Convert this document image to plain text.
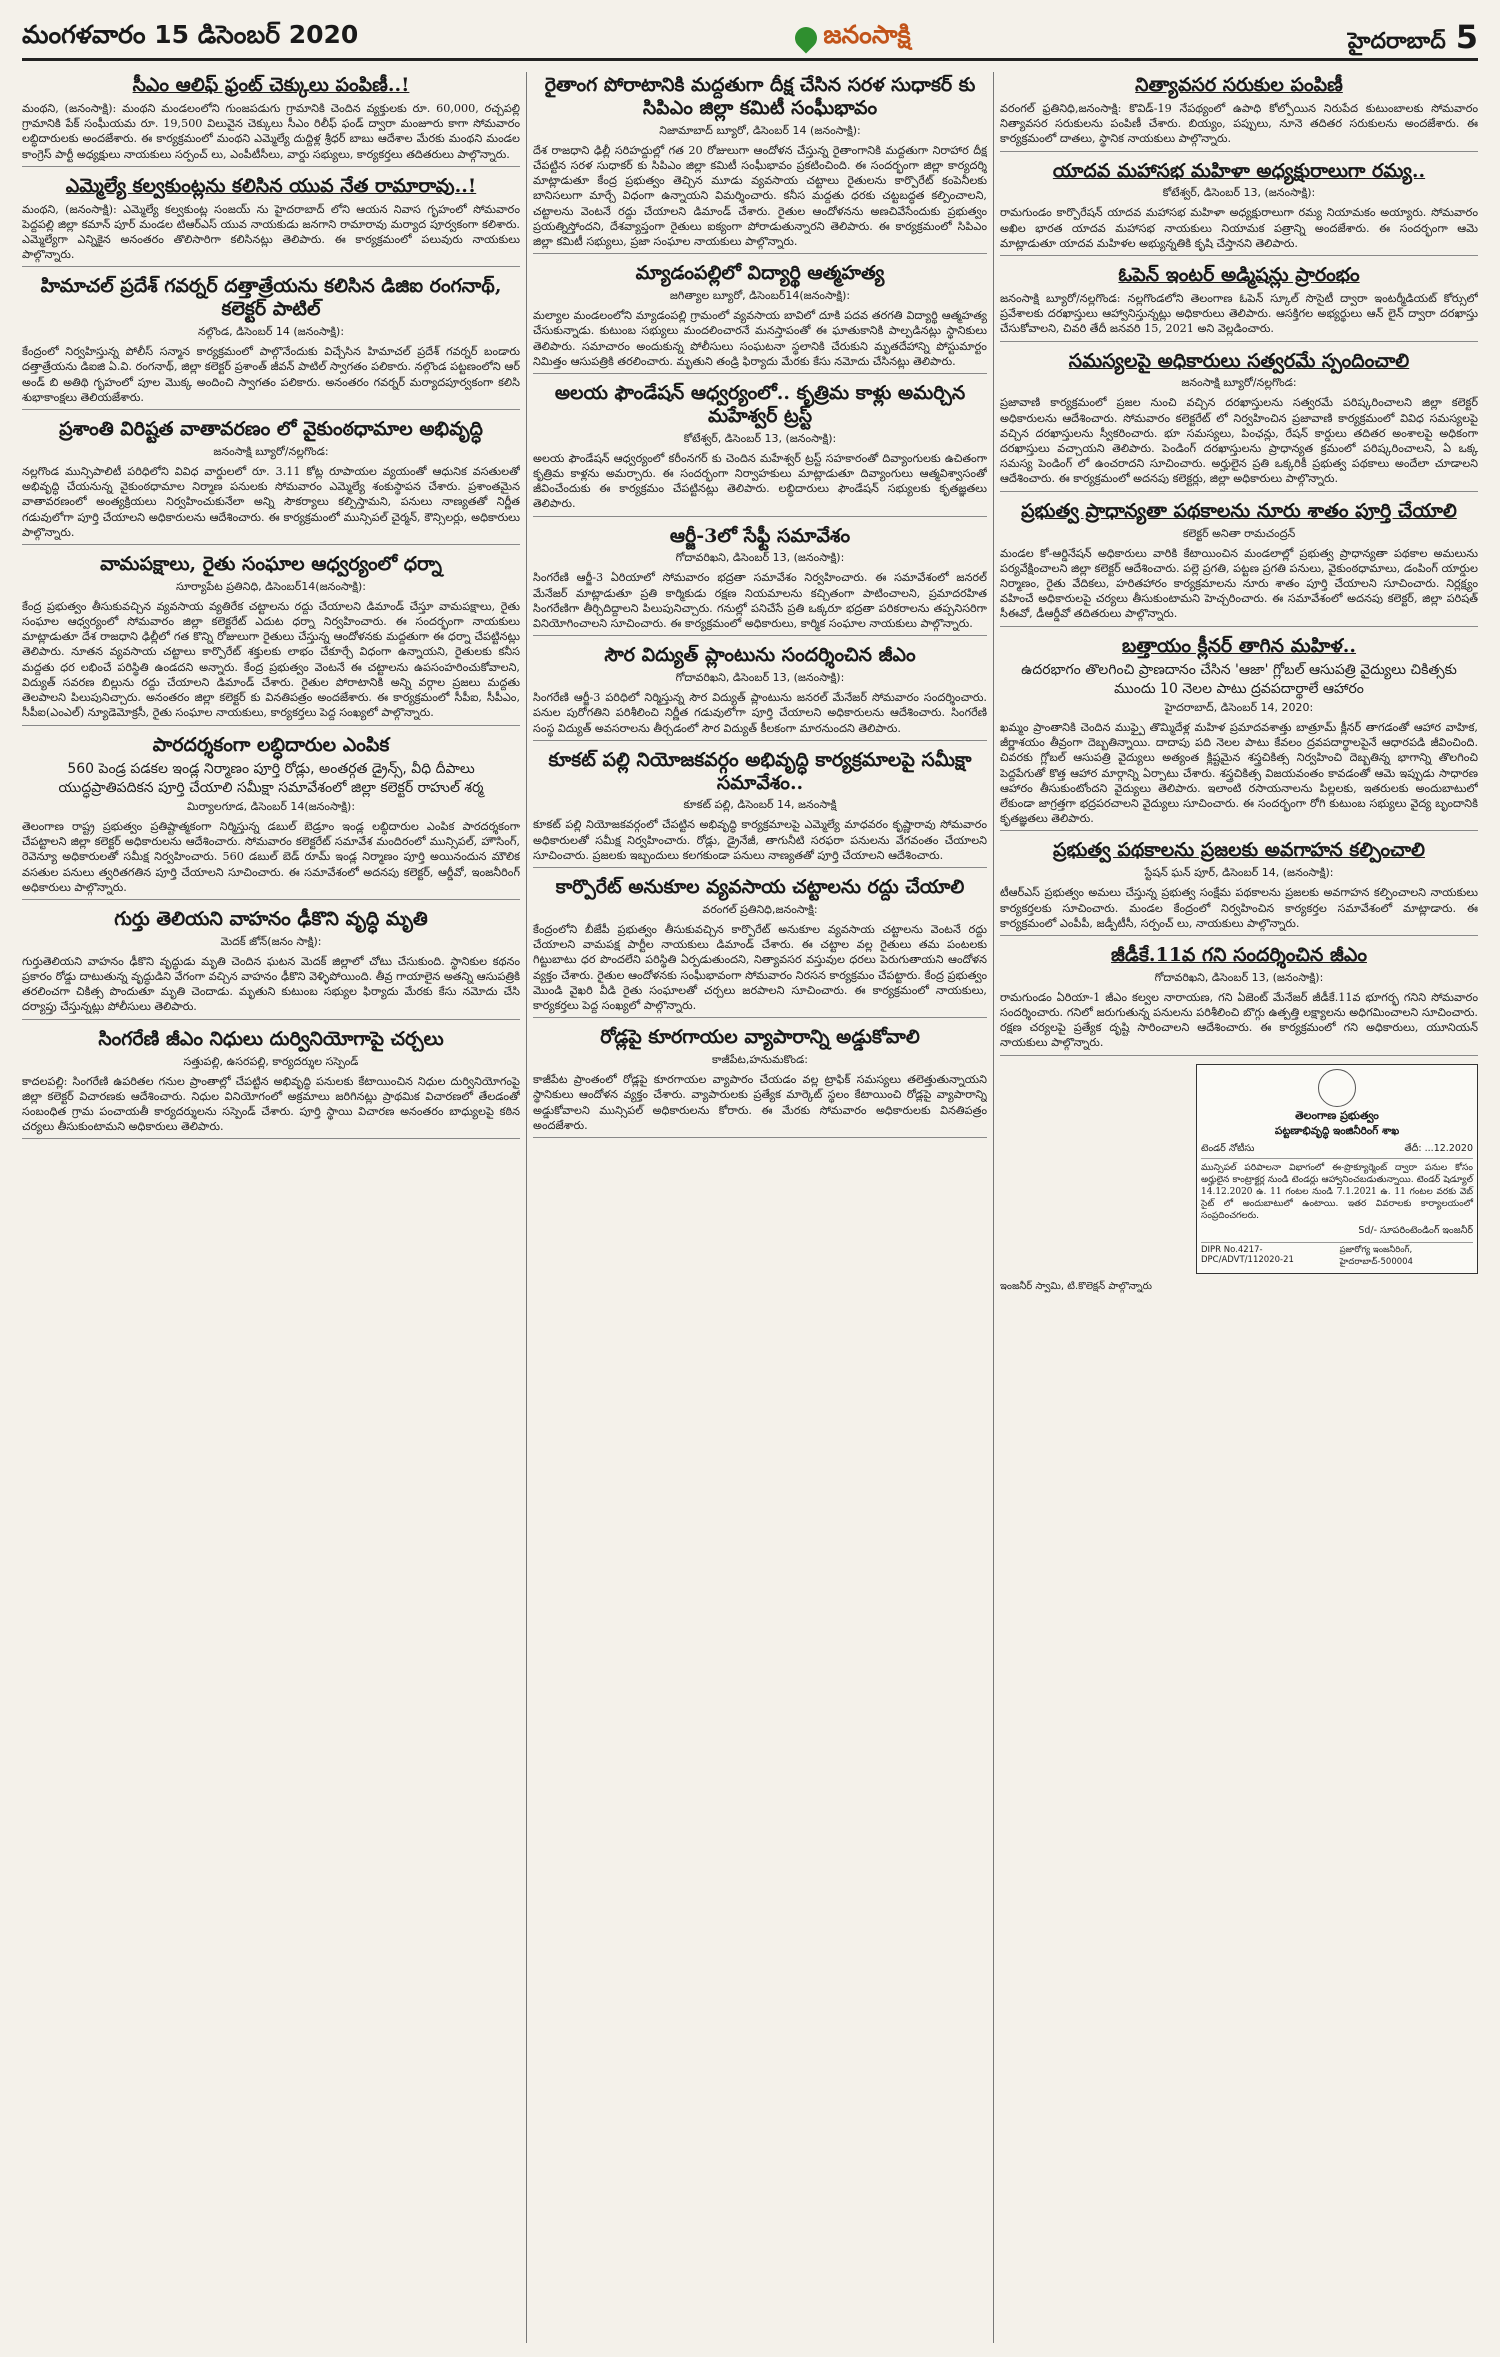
మంగళవారం 15 డిసెంబర్ 2020	జనంసాక్షి	హైదరాబాద్ 5
సీఎం ఆలిఫ్ ఫ్రంట్ చెక్కులు పంపిణీ..!

మంథని, (జనంసాక్షి): మంథని మండలంలోని గుంజపడుగు గ్రామానికి చెందిన వ్యక్తులకు రూ. 60,000, రచ్చపల్లి గ్రామానికి పేక్ సంఘీయమ రూ. 19,500 విలువైన చెక్కులు సీఎం రిలీఫ్ ఫండ్ ద్వారా మంజూరు కాగా సోమవారం లబ్ధిదారులకు అందజేశారు. ఈ కార్యక్రమంలో మంథని ఎమ్మెల్యే దుద్దిళ్ల శ్రీధర్ బాబు ఆదేశాల మేరకు మంథని మండల కాంగ్రెస్ పార్టీ అధ్యక్షులు నాయకులు సర్పంచ్ లు, ఎంపీటీసీలు, వార్డు సభ్యులు, కార్యకర్తలు తదితరులు పాల్గొన్నారు.

ఎమ్మెల్యే కల్వకుంట్లను కలిసిన యువ నేత రామారావు..!

మంథని, (జనంసాక్షి): ఎమ్మెల్యే కల్వకుంట్ల సంజయ్ ను హైదరాబాద్ లోని ఆయన నివాస గృహంలో సోమవారం పెద్దపల్లి జిల్లా కమాన్ పూర్ మండల టిఆర్ఎస్ యువ నాయకుడు జనగాని రామారావు మర్యాద పూర్వకంగా కలిశారు. ఎమ్మెల్యేగా ఎన్నికైన అనంతరం తొలిసారిగా కలిసినట్లు తెలిపారు. ఈ కార్యక్రమంలో పలువురు నాయకులు పాల్గొన్నారు.

హిమాచల్ ప్రదేశ్ గవర్నర్ దత్తాత్రేయను కలిసిన డిజిఐ రంగనాథ్, కలెక్టర్ పాటిల్
నల్గొండ, డిసెంబర్ 14 (జనంసాక్షి):

కేంద్రంలో నిర్వహిస్తున్న పోలీస్ సన్మాన కార్యక్రమంలో పాల్గొనేందుకు విచ్చేసిన హిమాచల్ ప్రదేశ్ గవర్నర్ బండారు దత్తాత్రేయను డిఐజి ఏ.వి. రంగనాథ్, జిల్లా కలెక్టర్ ప్రశాంత్ జీవన్ పాటిల్ స్వాగతం పలికారు. నల్గొండ పట్టణంలోని ఆర్ అండ్ బి అతిథి గృహంలో పూల మొక్క అందించి స్వాగతం పలికారు. అనంతరం గవర్నర్ మర్యాదపూర్వకంగా కలిసి శుభాకాంక్షలు తెలియజేశారు.

ప్రశాంతి విరిష్టత వాతావరణం లో వైకుంఠధామాల అభివృద్ధి
జనంసాక్షి బ్యూరో/నల్లగొండ:

నల్లగొండ మున్సిపాలిటీ పరిధిలోని వివిధ వార్డులలో రూ. 3.11 కోట్ల రూపాయల వ్యయంతో ఆధునిక వసతులతో అభివృద్ధి చేయనున్న వైకుంఠధామాల నిర్మాణ పనులకు సోమవారం ఎమ్మెల్యే శంకుస్థాపన చేశారు. ప్రశాంతమైన వాతావరణంలో అంత్యక్రియలు నిర్వహించుకునేలా అన్ని సౌకర్యాలు కల్పిస్తామని, పనులు నాణ్యతతో నిర్ణీత గడువులోగా పూర్తి చేయాలని అధికారులను ఆదేశించారు. ఈ కార్యక్రమంలో మున్సిపల్ చైర్మన్, కౌన్సిలర్లు, అధికారులు పాల్గొన్నారు.

వామపక్షాలు, రైతు సంఘాల ఆధ్వర్యంలో ధర్నా
సూర్యాపేట ప్రతినిధి, డిసెంబర్14(జనంసాక్షి):

కేంద్ర ప్రభుత్వం తీసుకువచ్చిన వ్యవసాయ వ్యతిరేక చట్టాలను రద్దు చేయాలని డిమాండ్ చేస్తూ వామపక్షాలు, రైతు సంఘాల ఆధ్వర్యంలో సోమవారం జిల్లా కలెక్టరేట్ ఎదుట ధర్నా నిర్వహించారు. ఈ సందర్భంగా నాయకులు మాట్లాడుతూ దేశ రాజధాని ఢిల్లీలో గత కొన్ని రోజులుగా రైతులు చేస్తున్న ఆందోళనకు మద్దతుగా ఈ ధర్నా చేపట్టినట్లు తెలిపారు. నూతన వ్యవసాయ చట్టాలు కార్పొరేట్ శక్తులకు లాభం చేకూర్చే విధంగా ఉన్నాయని, రైతులకు కనీస మద్దతు ధర లభించే పరిస్థితి ఉండదని అన్నారు. కేంద్ర ప్రభుత్వం వెంటనే ఈ చట్టాలను ఉపసంహరించుకోవాలని, విద్యుత్ సవరణ బిల్లును రద్దు చేయాలని డిమాండ్ చేశారు. రైతుల పోరాటానికి అన్ని వర్గాల ప్రజలు మద్దతు తెలపాలని పిలుపునిచ్చారు. అనంతరం జిల్లా కలెక్టర్ కు వినతిపత్రం అందజేశారు. ఈ కార్యక్రమంలో సీపీఐ, సీపీఎం, సీపీఐ(ఎంఎల్) న్యూడెమోక్రసీ, రైతు సంఘాల నాయకులు, కార్యకర్తలు పెద్ద సంఖ్యలో పాల్గొన్నారు.

పారదర్శకంగా లబ్ధిదారుల ఎంపిక
560 పెండ్ర పడకల ఇండ్ల నిర్మాణం పూర్తి రోడ్లు, అంతర్గత డ్రైన్స్, వీధి దీపాలు యుద్ధప్రాతిపదికన పూర్తి చేయాలి సమీక్షా సమావేశంలో జిల్లా కలెక్టర్ రాహుల్ శర్మ
మిర్యాలగూడ, డిసెంబర్ 14(జనంసాక్షి):

తెలంగాణ రాష్ట్ర ప్రభుత్వం ప్రతిష్టాత్మకంగా నిర్మిస్తున్న డబుల్ బెడ్రూం ఇండ్ల లబ్ధిదారుల ఎంపిక పారదర్శకంగా చేపట్టాలని జిల్లా కలెక్టర్ అధికారులను ఆదేశించారు. సోమవారం కలెక్టరేట్ సమావేశ మందిరంలో మున్సిపల్, హౌసింగ్, రెవెన్యూ అధికారులతో సమీక్ష నిర్వహించారు. 560 డబుల్ బెడ్ రూమ్ ఇండ్ల నిర్మాణం పూర్తి అయినందున మౌలిక వసతుల పనులు త్వరితగతిన పూర్తి చేయాలని సూచించారు. ఈ సమావేశంలో అదనపు కలెక్టర్, ఆర్డీవో, ఇంజనీరింగ్ అధికారులు పాల్గొన్నారు.

గుర్తు తెలియని వాహనం ఢీకొని వృద్ధి మృతి
మెదక్ జోన్(జనం సాక్షి):

గుర్తుతెలియని వాహనం ఢీకొని వృద్ధుడు మృతి చెందిన ఘటన మెదక్ జిల్లాలో చోటు చేసుకుంది. స్థానికుల కథనం ప్రకారం రోడ్డు దాటుతున్న వృద్ధుడిని వేగంగా వచ్చిన వాహనం ఢీకొని వెళ్ళిపోయింది. తీవ్ర గాయాలైన అతన్ని ఆసుపత్రికి తరలించగా చికిత్స పొందుతూ మృతి చెందాడు. మృతుని కుటుంబ సభ్యుల ఫిర్యాదు మేరకు కేసు నమోదు చేసి దర్యాప్తు చేస్తున్నట్లు పోలీసులు తెలిపారు.

సింగరేణి జీఎం నిధులు దుర్వినియోగాపై చర్చలు
సత్తుపల్లి, ఉసరపల్లి, కార్యదర్శుల సస్పెండ్

కాదలపల్లి: సింగరేణి ఉపరితల గనుల ప్రాంతాల్లో చేపట్టిన అభివృద్ధి పనులకు కేటాయించిన నిధుల దుర్వినియోగంపై జిల్లా కలెక్టర్ విచారణకు ఆదేశించారు. నిధుల వినియోగంలో అక్రమాలు జరిగినట్లు ప్రాథమిక విచారణలో తేలడంతో సంబంధిత గ్రామ పంచాయతీ కార్యదర్శులను సస్పెండ్ చేశారు. పూర్తి స్థాయి విచారణ అనంతరం బాధ్యులపై కఠిన చర్యలు తీసుకుంటామని అధికారులు తెలిపారు.

రైతాంగ పోరాటానికి మద్దతుగా దీక్ష చేసిన సరళ సుధాకర్ కు సిపిఎం జిల్లా కమిటీ సంఘీభావం
నిజామాబాద్ బ్యూరో, డిసెంబర్ 14 (జనంసాక్షి):

దేశ రాజధాని ఢిల్లీ సరిహద్దుల్లో గత 20 రోజులుగా ఆందోళన చేస్తున్న రైతాంగానికి మద్దతుగా నిరాహార దీక్ష చేపట్టిన సరళ సుధాకర్ కు సిపిఎం జిల్లా కమిటీ సంఘీభావం ప్రకటించింది. ఈ సందర్భంగా జిల్లా కార్యదర్శి మాట్లాడుతూ కేంద్ర ప్రభుత్వం తెచ్చిన మూడు వ్యవసాయ చట్టాలు రైతులను కార్పొరేట్ కంపెనీలకు బానిసలుగా మార్చే విధంగా ఉన్నాయని విమర్శించారు. కనీస మద్దతు ధరకు చట్టబద్ధత కల్పించాలని, చట్టాలను వెంటనే రద్దు చేయాలని డిమాండ్ చేశారు. రైతుల ఆందోళనను అణచివేసేందుకు ప్రభుత్వం ప్రయత్నిస్తోందని, దేశవ్యాప్తంగా రైతులు ఐక్యంగా పోరాడుతున్నారని తెలిపారు. ఈ కార్యక్రమంలో సిపిఎం జిల్లా కమిటీ సభ్యులు, ప్రజా సంఘాల నాయకులు పాల్గొన్నారు.

మ్యాడంపల్లిలో విద్యార్థి ఆత్మహత్య
జగిత్యాల బ్యూరో, డిసెంబర్14(జనంసాక్షి):

మల్యాల మండలంలోని మ్యాడంపల్లి గ్రామంలో వ్యవసాయ బావిలో దూకి పదవ తరగతి విద్యార్థి ఆత్మహత్య చేసుకున్నాడు. కుటుంబ సభ్యులు మందలించారనే మనస్తాపంతో ఈ ఘాతుకానికి పాల్పడినట్లు స్థానికులు తెలిపారు. సమాచారం అందుకున్న పోలీసులు సంఘటనా స్థలానికి చేరుకుని మృతదేహాన్ని పోస్టుమార్టం నిమిత్తం ఆసుపత్రికి తరలించారు. మృతుని తండ్రి ఫిర్యాదు మేరకు కేసు నమోదు చేసినట్లు తెలిపారు.

అలయ ఫౌండేషన్ ఆధ్వర్యంలో.. కృత్రిమ కాళ్లు అమర్చిన మహేశ్వర్ ట్రస్ట్
కోటేశ్వర్, డిసెంబర్ 13, (జనంసాక్షి):

అలయ ఫౌండేషన్ ఆధ్వర్యంలో కరీంనగర్ కు చెందిన మహేశ్వర్ ట్రస్ట్ సహకారంతో దివ్యాంగులకు ఉచితంగా కృత్రిమ కాళ్లను అమర్చారు. ఈ సందర్భంగా నిర్వాహకులు మాట్లాడుతూ దివ్యాంగులు ఆత్మవిశ్వాసంతో జీవించేందుకు ఈ కార్యక్రమం చేపట్టినట్లు తెలిపారు. లబ్ధిదారులు ఫౌండేషన్ సభ్యులకు కృతజ్ఞతలు తెలిపారు.

ఆర్జీ-3లో సేఫ్టీ సమావేశం
గోదావరిఖని, డిసెంబర్ 13, (జనంసాక్షి):

సింగరేణి ఆర్జీ-3 ఏరియాలో సోమవారం భద్రతా సమావేశం నిర్వహించారు. ఈ సమావేశంలో జనరల్ మేనేజర్ మాట్లాడుతూ ప్రతి కార్మికుడు రక్షణ నియమాలను కచ్చితంగా పాటించాలని, ప్రమాదరహిత సింగరేణిగా తీర్చిదిద్దాలని పిలుపునిచ్చారు. గనుల్లో పనిచేసే ప్రతి ఒక్కరూ భద్రతా పరికరాలను తప్పనిసరిగా వినియోగించాలని సూచించారు. ఈ కార్యక్రమంలో అధికారులు, కార్మిక సంఘాల నాయకులు పాల్గొన్నారు.

సౌర విద్యుత్ ప్లాంటును సందర్శించిన జీఎం
గోదావరిఖని, డిసెంబర్ 13, (జనంసాక్షి):

సింగరేణి ఆర్జీ-3 పరిధిలో నిర్మిస్తున్న సౌర విద్యుత్ ప్లాంటును జనరల్ మేనేజర్ సోమవారం సందర్శించారు. పనుల పురోగతిని పరిశీలించి నిర్ణీత గడువులోగా పూర్తి చేయాలని అధికారులను ఆదేశించారు. సింగరేణి సంస్థ విద్యుత్ అవసరాలను తీర్చడంలో సౌర విద్యుత్ కీలకంగా మారనుందని తెలిపారు.

కూకట్ పల్లి నియోజకవర్గం అభివృద్ధి కార్యక్రమాలపై సమీక్షా సమావేశం..
కూకట్ పల్లి, డిసెంబర్ 14, జనంసాక్షి

కూకట్ పల్లి నియోజకవర్గంలో చేపట్టిన అభివృద్ధి కార్యక్రమాలపై ఎమ్మెల్యే మాధవరం కృష్ణారావు సోమవారం అధికారులతో సమీక్ష నిర్వహించారు. రోడ్లు, డ్రైనేజీ, తాగునీటి సరఫరా పనులను వేగవంతం చేయాలని సూచించారు. ప్రజలకు ఇబ్బందులు కలగకుండా పనులు నాణ్యతతో పూర్తి చేయాలని ఆదేశించారు.

కార్పొరేట్ అనుకూల వ్యవసాయ చట్టాలను రద్దు చేయాలి
వరంగల్ ప్రతినిధి,జనంసాక్షి:

కేంద్రంలోని బీజేపీ ప్రభుత్వం తీసుకువచ్చిన కార్పొరేట్ అనుకూల వ్యవసాయ చట్టాలను వెంటనే రద్దు చేయాలని వామపక్ష పార్టీల నాయకులు డిమాండ్ చేశారు. ఈ చట్టాల వల్ల రైతులు తమ పంటలకు గిట్టుబాటు ధర పొందలేని పరిస్థితి ఏర్పడుతుందని, నిత్యావసర వస్తువుల ధరలు పెరుగుతాయని ఆందోళన వ్యక్తం చేశారు. రైతుల ఆందోళనకు సంఘీభావంగా సోమవారం నిరసన కార్యక్రమం చేపట్టారు. కేంద్ర ప్రభుత్వం మొండి వైఖరి వీడి రైతు సంఘాలతో చర్చలు జరపాలని సూచించారు. ఈ కార్యక్రమంలో నాయకులు, కార్యకర్తలు పెద్ద సంఖ్యలో పాల్గొన్నారు.

రోడ్లపై కూరగాయల వ్యాపారాన్ని అడ్డుకోవాలి
కాజీపేట,హనుమకొండ:

కాజీపేట ప్రాంతంలో రోడ్లపై కూరగాయల వ్యాపారం చేయడం వల్ల ట్రాఫిక్ సమస్యలు తలెత్తుతున్నాయని స్థానికులు ఆందోళన వ్యక్తం చేశారు. వ్యాపారులకు ప్రత్యేక మార్కెట్ స్థలం కేటాయించి రోడ్లపై వ్యాపారాన్ని అడ్డుకోవాలని మున్సిపల్ అధికారులను కోరారు. ఈ మేరకు సోమవారం అధికారులకు వినతిపత్రం అందజేశారు.

నిత్యావసర సరుకుల పంపిణీ

వరంగల్ ఫ్రతినిధి,జనంసాక్షి: కొవిడ్-19 నేపథ్యంలో ఉపాధి కోల్పోయిన నిరుపేద కుటుంబాలకు సోమవారం నిత్యావసర సరుకులను పంపిణీ చేశారు. బియ్యం, పప్పులు, నూనె తదితర సరుకులను అందజేశారు. ఈ కార్యక్రమంలో దాతలు, స్థానిక నాయకులు పాల్గొన్నారు.

యాదవ మహాసభ మహిళా అధ్యక్షురాలుగా రమ్య..
కోటేశ్వర్, డిసెంబర్ 13, (జనంసాక్షి):

రామగుండం కార్పొరేషన్ యాదవ మహాసభ మహిళా అధ్యక్షురాలుగా రమ్య నియామకం అయ్యారు. సోమవారం అఖిల భారత యాదవ మహాసభ నాయకులు నియామక పత్రాన్ని అందజేశారు. ఈ సందర్భంగా ఆమె మాట్లాడుతూ యాదవ మహిళల అభ్యున్నతికి కృషి చేస్తానని తెలిపారు.

ఓపెన్ ఇంటర్ అడ్మిషన్లు ప్రారంభం

జనంసాక్షి బ్యూరో/నల్లగొండ: నల్లగొండలోని తెలంగాణ ఓపెన్ స్కూల్ సొసైటీ ద్వారా ఇంటర్మీడియట్ కోర్సులో ప్రవేశాలకు దరఖాస్తులు ఆహ్వానిస్తున్నట్లు అధికారులు తెలిపారు. ఆసక్తిగల అభ్యర్థులు ఆన్ లైన్ ద్వారా దరఖాస్తు చేసుకోవాలని, చివరి తేదీ జనవరి 15, 2021 అని వెల్లడించారు.

సమస్యలపై అధికారులు సత్వరమే స్పందించాలి
జనంసాక్షి బ్యూరో/నల్లగొండ:

ప్రజావాణి కార్యక్రమంలో ప్రజల నుంచి వచ్చిన దరఖాస్తులను సత్వరమే పరిష్కరించాలని జిల్లా కలెక్టర్ అధికారులను ఆదేశించారు. సోమవారం కలెక్టరేట్ లో నిర్వహించిన ప్రజావాణి కార్యక్రమంలో వివిధ సమస్యలపై వచ్చిన దరఖాస్తులను స్వీకరించారు. భూ సమస్యలు, పింఛన్లు, రేషన్ కార్డులు తదితర అంశాలపై అధికంగా దరఖాస్తులు వచ్చాయని తెలిపారు. పెండింగ్ దరఖాస్తులను ప్రాధాన్యత క్రమంలో పరిష్కరించాలని, ఏ ఒక్క సమస్య పెండింగ్ లో ఉంచరాదని సూచించారు. అర్హులైన ప్రతి ఒక్కరికీ ప్రభుత్వ పథకాలు అందేలా చూడాలని ఆదేశించారు. ఈ కార్యక్రమంలో అదనపు కలెక్టర్లు, జిల్లా అధికారులు పాల్గొన్నారు.

ప్రభుత్వ ప్రాధాన్యతా పథకాలను నూరు శాతం పూర్తి చేయాలి
కలెక్టర్ అనితా రామచంద్రన్

మండల కో-ఆర్డినేషన్ అధికారులు వారికి కేటాయించిన మండలాల్లో ప్రభుత్వ ప్రాధాన్యతా పథకాల అమలును పర్యవేక్షించాలని జిల్లా కలెక్టర్ ఆదేశించారు. పల్లె ప్రగతి, పట్టణ ప్రగతి పనులు, వైకుంఠధామాలు, డంపింగ్ యార్డుల నిర్మాణం, రైతు వేదికలు, హరితహారం కార్యక్రమాలను నూరు శాతం పూర్తి చేయాలని సూచించారు. నిర్లక్ష్యం వహించే అధికారులపై చర్యలు తీసుకుంటామని హెచ్చరించారు. ఈ సమావేశంలో అదనపు కలెక్టర్, జిల్లా పరిషత్ సీఈవో, డీఆర్డీవో తదితరులు పాల్గొన్నారు.

బత్తాయం క్లీనర్ తాగిన మహిళ..
ఉదరభాగం తొలగించి ప్రాణదానం చేసిన 'ఆజా' గ్లోబల్ ఆసుపత్రి వైద్యులు చికిత్సకు ముందు 10 నెలల పాటు ద్రవపదార్థాలే ఆహారం
హైదరాబాద్, డిసెంబర్ 14, 2020:

ఖమ్మం ప్రాంతానికి చెందిన ముఫ్పై తొమ్మిదేళ్ల మహిళ ప్రమాదవశాత్తు బాత్రూమ్ క్లీనర్ తాగడంతో ఆహార వాహిక, జీర్ణాశయం తీవ్రంగా దెబ్బతిన్నాయి. దాదాపు పది నెలల పాటు కేవలం ద్రవపదార్థాలపైనే ఆధారపడి జీవించింది. చివరకు గ్లోబల్ ఆసుపత్రి వైద్యులు అత్యంత క్లిష్టమైన శస్త్రచికిత్స నిర్వహించి దెబ్బతిన్న భాగాన్ని తొలగించి పెద్దపేగుతో కొత్త ఆహార మార్గాన్ని ఏర్పాటు చేశారు. శస్త్రచికిత్స విజయవంతం కావడంతో ఆమె ఇప్పుడు సాధారణ ఆహారం తీసుకుంటోందని వైద్యులు తెలిపారు. ఇలాంటి రసాయనాలను పిల్లలకు, ఇతరులకు అందుబాటులో లేకుండా జాగ్రత్తగా భద్రపరచాలని వైద్యులు సూచించారు. ఈ సందర్భంగా రోగి కుటుంబ సభ్యులు వైద్య బృందానికి కృతజ్ఞతలు తెలిపారు.

ప్రభుత్వ పథకాలను ప్రజలకు అవగాహన కల్పించాలి
స్టేషన్ ఘన్ పూర్, డిసెంబర్ 14, (జనంసాక్షి):

టీఆర్ఎస్ ప్రభుత్వం అమలు చేస్తున్న ప్రభుత్వ సంక్షేమ పథకాలను ప్రజలకు అవగాహన కల్పించాలని నాయకులు కార్యకర్తలకు సూచించారు. మండల కేంద్రంలో నిర్వహించిన కార్యకర్తల సమావేశంలో మాట్లాడారు. ఈ కార్యక్రమంలో ఎంపీపీ, జడ్పీటీసీ, సర్పంచ్ లు, నాయకులు పాల్గొన్నారు.

జీడీకే.11వ గని సందర్శించిన జీఎం
గోదావరిఖని, డిసెంబర్ 13, (జనంసాక్షి):

రామగుండం ఏరియా-1 జీఎం కల్వల నారాయణ, గని ఏజెంట్ మేనేజర్ జీడీకే.11వ భూగర్భ గనిని సోమవారం సందర్శించారు. గనిలో జరుగుతున్న పనులను పరిశీలించి బొగ్గు ఉత్పత్తి లక్ష్యాలను అధిగమించాలని సూచించారు. రక్షణ చర్యలపై ప్రత్యేక దృష్టి సారించాలని ఆదేశించారు. ఈ కార్యక్రమంలో గని అధికారులు, యూనియన్ నాయకులు పాల్గొన్నారు.

తెలంగాణ ప్రభుత్వం
పట్టణాభివృద్ధి ఇంజినీరింగ్ శాఖ
టెండర్ నోటీసు	తేదీ: ...12.2020
మున్సిపల్ పరిపాలనా విభాగంలో ఈ-ప్రొక్యూర్మెంట్ ద్వారా పనుల కోసం అర్హులైన కాంట్రాక్టర్ల నుండి టెండర్లు ఆహ్వానించబడుతున్నాయి. టెండర్ షెడ్యూల్ 14.12.2020 ఉ. 11 గంటల నుండి 7.1.2021 ఉ. 11 గంటల వరకు వెబ్ సైట్ లో అందుబాటులో ఉంటాయి. ఇతర వివరాలకు కార్యాలయంలో సంప్రదించగలరు.
Sd/- సూపరింటెండింగ్ ఇంజనీర్
DIPR No.4217-DPC/ADVT/112020-21
ప్రజారోగ్య ఇంజనీరింగ్, హైదరాబాద్-500004
ఇంజనీర్ స్వామి, టి.కొలెక్షన్ పాల్గొన్నారు
